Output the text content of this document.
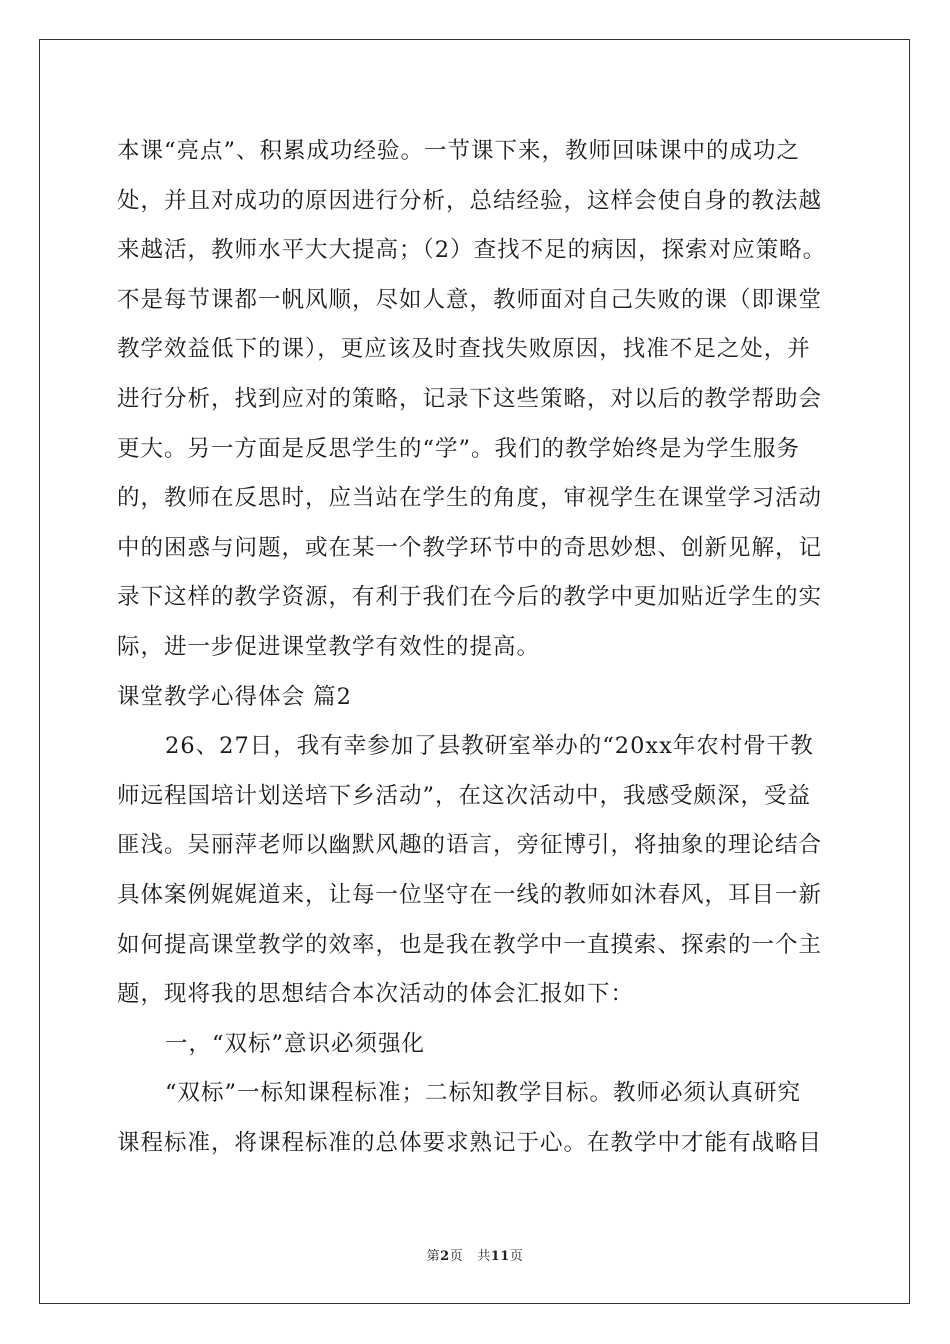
本课“亮点”、积累成功经验。一节课下来，教师回味课中的成功之
处，并且对成功的原因进行分析，总结经验，这样会使自身的教法越
来越活，教师水平大大提高；（2）查找不足的病因，探索对应策略。
不是每节课都一帆风顺，尽如人意，教师面对自己失败的课（即课堂
教学效益低下的课），更应该及时查找失败原因，找准不足之处，并
进行分析，找到应对的策略，记录下这些策略，对以后的教学帮助会
更大。另一方面是反思学生的“学”。我们的教学始终是为学生服务
的，教师在反思时，应当站在学生的角度，审视学生在课堂学习活动
中的困惑与问题，或在某一个教学环节中的奇思妙想、创新见解，记
录下这样的教学资源，有利于我们在今后的教学中更加贴近学生的实
际，进一步促进课堂教学有效性的提高。
课堂教学心得体会 篇2
26、27日，我有幸参加了县教研室举办的“20xx年农村骨干教
师远程国培计划送培下乡活动”，在这次活动中，我感受颇深，受益
匪浅。吴丽萍老师以幽默风趣的语言，旁征博引，将抽象的理论结合
具体案例娓娓道来，让每一位坚守在一线的教师如沐春风，耳目一新
如何提高课堂教学的效率，也是我在教学中一直摸索、探索的一个主
题，现将我的思想结合本次活动的体会汇报如下：
一，“双标”意识必须强化
“双标”一标知课程标准；二标知教学目标。教师必须认真研究
课程标准，将课程标准的总体要求熟记于心。在教学中才能有战略目
第2页 共11页
